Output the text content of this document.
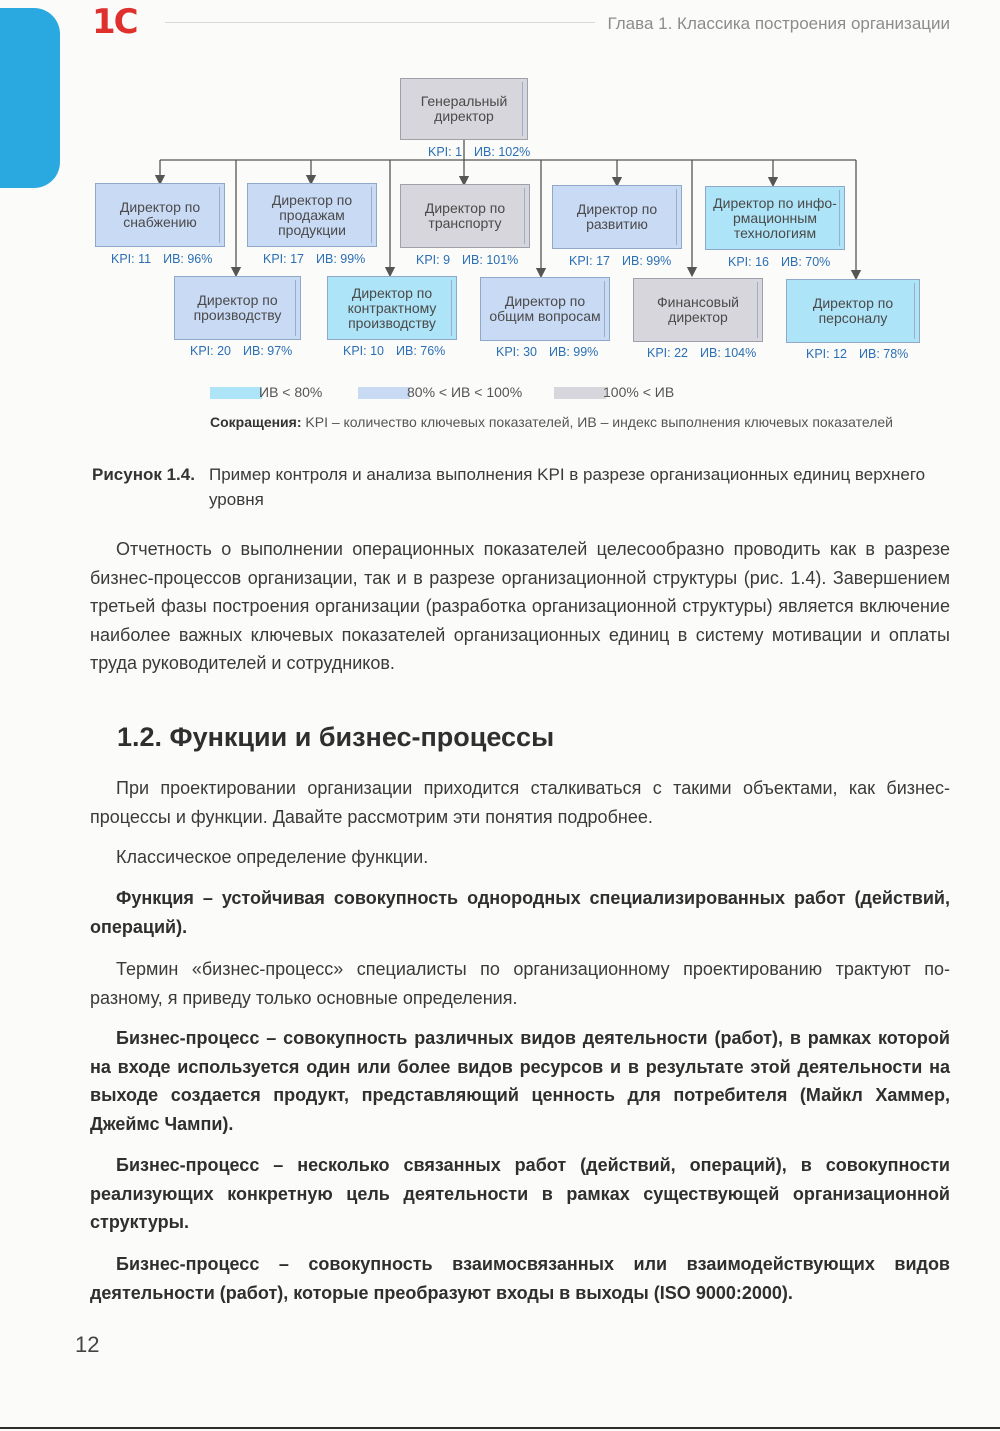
1С	Глава 1. Классика построения организации
Генеральный директор
KPI: 1 ИВ: 102%
Директор по снабжению
KPI: 11 ИВ: 96%
Директор по продажам продукции
KPI: 17 ИВ: 99%
Директор по транспорту
KPI: 9 ИВ: 101%
Директор по развитию
KPI: 17 ИВ: 99%
Директор по инфо-рмационным технологиям
KPI: 16 ИВ: 70%
Директор по производству
KPI: 20 ИВ: 97%
Директор по контрактному производству
KPI: 10 ИВ: 76%
Директор по общим вопросам
KPI: 30 ИВ: 99%
Финансовый директор
KPI: 22 ИВ: 104%
Директор по персоналу
KPI: 12 ИВ: 78%
ИВ < 80%	80% < ИВ < 100%	100% < ИВ
Сокращения: KPI – количество ключевых показателей, ИВ – индекс выполнения ключевых показателей
Рисунок 1.4. Пример контроля и анализа выполнения KPI в разрезе организационных единиц верхнего уровня
Отчетность о выполнении операционных показателей целесообразно проводить как в разрезе бизнес-процессов организации, так и в разрезе организационной структуры (рис. 1.4). Завершением третьей фазы построения организации (разработка организационной структуры) является включение наиболее важных ключевых показателей организационных единиц в систему мотивации и оплаты труда руководителей и сотрудников.
1.2. Функции и бизнес-процессы
При проектировании организации приходится сталкиваться с такими объектами, как бизнес-процессы и функции. Давайте рассмотрим эти понятия подробнее.
Классическое определение функции.
Функция – устойчивая совокупность однородных специализированных работ (действий, операций).
Термин «бизнес-процесс» специалисты по организационному проектированию трактуют по-разному, я приведу только основные определения.
Бизнес-процесс – совокупность различных видов деятельности (работ), в рамках которой на входе используется один или более видов ресурсов и в результате этой деятельности на выходе создается продукт, представляющий ценность для потребителя (Майкл Хаммер, Джеймс Чампи).
Бизнес-процесс – несколько связанных работ (действий, операций), в совокупности реализующих конкретную цель деятельности в рамках существующей организационной структуры.
Бизнес-процесс – совокупность взаимосвязанных или взаимодействующих видов деятельности (работ), которые преобразуют входы в выходы (ISO 9000:2000).
12
